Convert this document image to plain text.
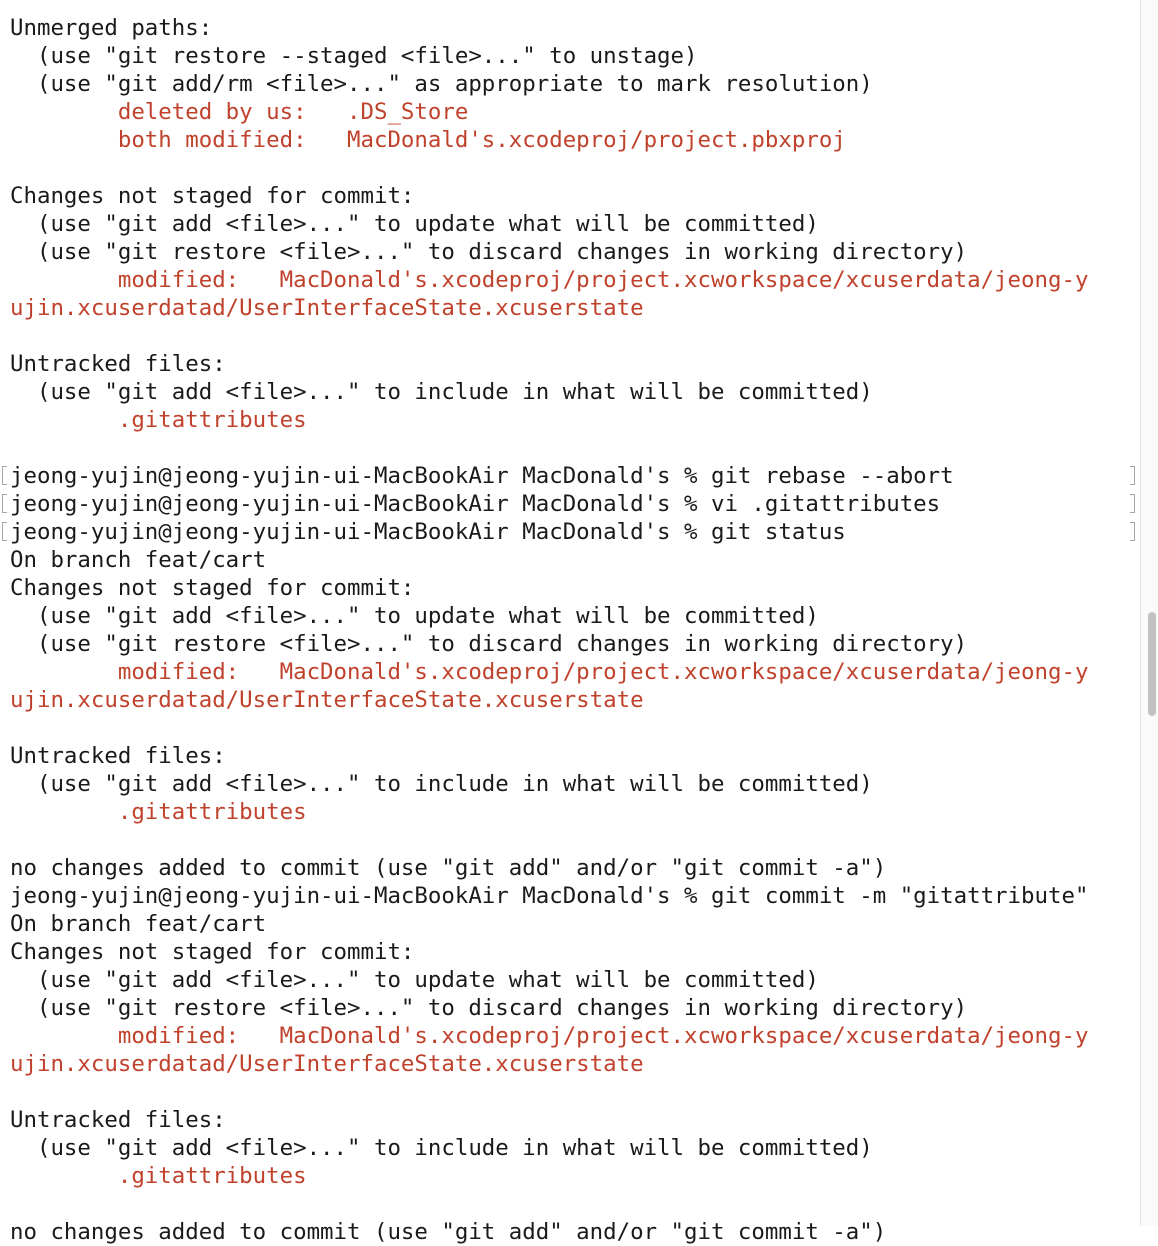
Unmerged paths:
(use "git restore --staged <file>..." to unstage)
(use "git add/rm <file>..." as appropriate to mark resolution)
deleted by us:   .DS_Store
both modified:   MacDonald's.xcodeproj/project.pbxproj

Changes not staged for commit:
(use "git add <file>..." to update what will be committed)
(use "git restore <file>..." to discard changes in working directory)
modified:   MacDonald's.xcodeproj/project.xcworkspace/xcuserdata/jeong-y
ujin.xcuserdatad/UserInterfaceState.xcuserstate

Untracked files:
(use "git add <file>..." to include in what will be committed)
.gitattributes

jeong-yujin@jeong-yujin-ui-MacBookAir MacDonald's % git rebase --abort
jeong-yujin@jeong-yujin-ui-MacBookAir MacDonald's % vi .gitattributes
jeong-yujin@jeong-yujin-ui-MacBookAir MacDonald's % git status
On branch feat/cart
Changes not staged for commit:
(use "git add <file>..." to update what will be committed)
(use "git restore <file>..." to discard changes in working directory)
modified:   MacDonald's.xcodeproj/project.xcworkspace/xcuserdata/jeong-y
ujin.xcuserdatad/UserInterfaceState.xcuserstate

Untracked files:
(use "git add <file>..." to include in what will be committed)
.gitattributes

no changes added to commit (use "git add" and/or "git commit -a")
jeong-yujin@jeong-yujin-ui-MacBookAir MacDonald's % git commit -m "gitattribute"
On branch feat/cart
Changes not staged for commit:
(use "git add <file>..." to update what will be committed)
(use "git restore <file>..." to discard changes in working directory)
modified:   MacDonald's.xcodeproj/project.xcworkspace/xcuserdata/jeong-y
ujin.xcuserdatad/UserInterfaceState.xcuserstate

Untracked files:
(use "git add <file>..." to include in what will be committed)
.gitattributes

no changes added to commit (use "git add" and/or "git commit -a")
